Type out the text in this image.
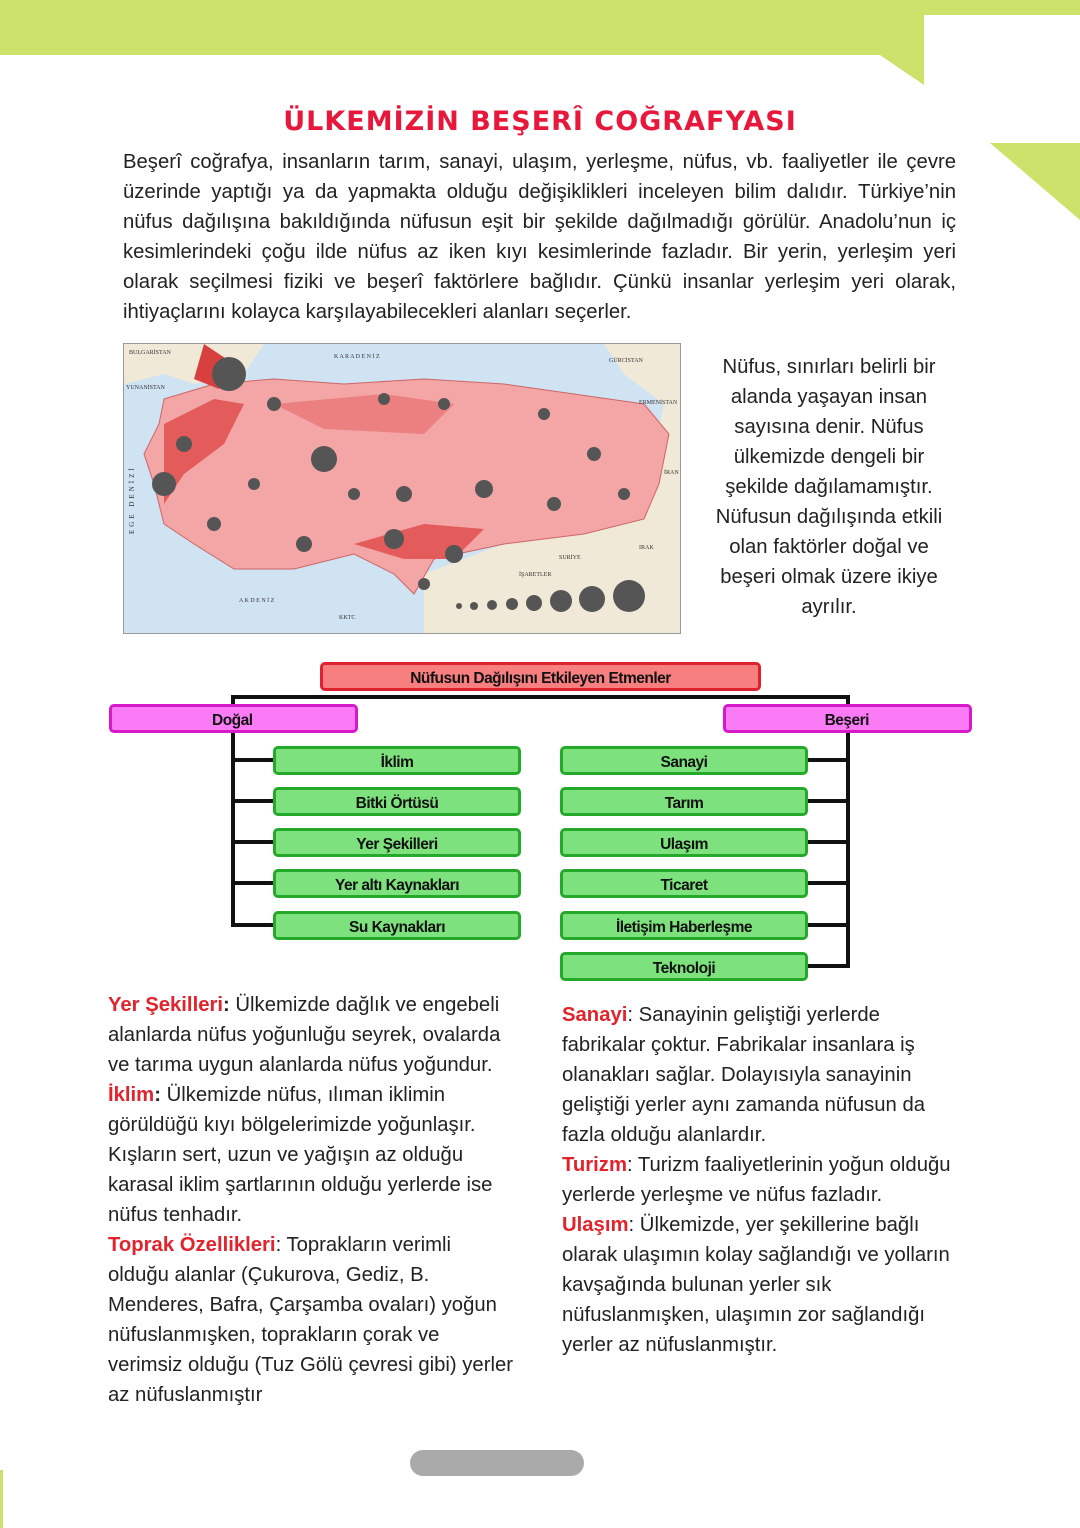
ÜLKEMİZİN BEŞERÎ COĞRAFYASI

Beşerî coğrafya, insanların tarım, sanayi, ulaşım, yerleşme, nüfus, vb. faaliyetler ile çevre üzerinde yaptığı ya da yapmakta olduğu değişiklikleri inceleyen bilim dalıdır. Türkiye’nin nüfus dağılışına bakıldığında nüfusun eşit bir şekilde dağılmadığı görülür. Anadolu’nun iç kesimlerindeki çoğu ilde nüfus az iken kıyı kesimlerinde fazladır. Bir yerin, yerleşim yeri olarak seçilmesi fiziki ve beşerî faktörlere bağlıdır. Çünkü insanlar yerleşim yeri olarak, ihtiyaçlarını kolayca karşılayabilecekleri alanları seçerler.

BULGARİSTAN
K A R A D E N İ Z
GÜRCİSTAN
ERMENİSTAN
İRAN
IRAK
SURİYE
A K D E N İ Z
KKTC
YUNANİSTAN
EGE DENİZİ
İŞARETLER

Nüfus, sınırları belirli bir alanda yaşayan insan sayısına denir. Nüfus ülkemizde dengeli bir şekilde dağılamamıştır. Nüfusun dağılışında etkili olan faktörler doğal ve beşeri olmak üzere ikiye ayrılır.

Nüfusun Dağılışını Etkileyen Etmenler
Doğal	Beşeri
İklim
Bitki Örtüsü
Yer Şekilleri
Yer altı Kaynakları
Su Kaynakları
Sanayi
Tarım
Ulaşım
Ticaret
İletişim Haberleşme
Teknoloji

Yer Şekilleri: Ülkemizde dağlık ve engebeli alanlarda nüfus yoğunluğu seyrek, ovalarda ve tarıma uygun alanlarda nüfus yoğundur.

İklim: Ülkemizde nüfus, ılıman iklimin görüldüğü kıyı bölgelerimizde yoğunlaşır. Kışların sert, uzun ve yağışın az olduğu karasal iklim şartlarının olduğu yerlerde ise nüfus tenhadır.

Toprak Özellikleri: Toprakların verimli olduğu alanlar (Çukurova, Gediz, B. Menderes, Bafra, Çarşamba ovaları) yoğun nüfuslanmışken, toprakların çorak ve verimsiz olduğu (Tuz Gölü çevresi gibi) yerler az nüfuslanmıştır

Sanayi: Sanayinin geliştiği yerlerde fabrikalar çoktur. Fabrikalar insanlara iş olanakları sağlar. Dolayısıyla sanayinin geliştiği yerler aynı zamanda nüfusun da fazla olduğu alanlardır.

Turizm: Turizm faaliyetlerinin yoğun olduğu yerlerde yerleşme ve nüfus fazladır.

Ulaşım: Ülkemizde, yer şekillerine bağlı olarak ulaşımın kolay sağlandığı ve yolların kavşağında bulunan yerler sık nüfuslanmışken, ulaşımın zor sağlandığı yerler az nüfuslanmıştır.
